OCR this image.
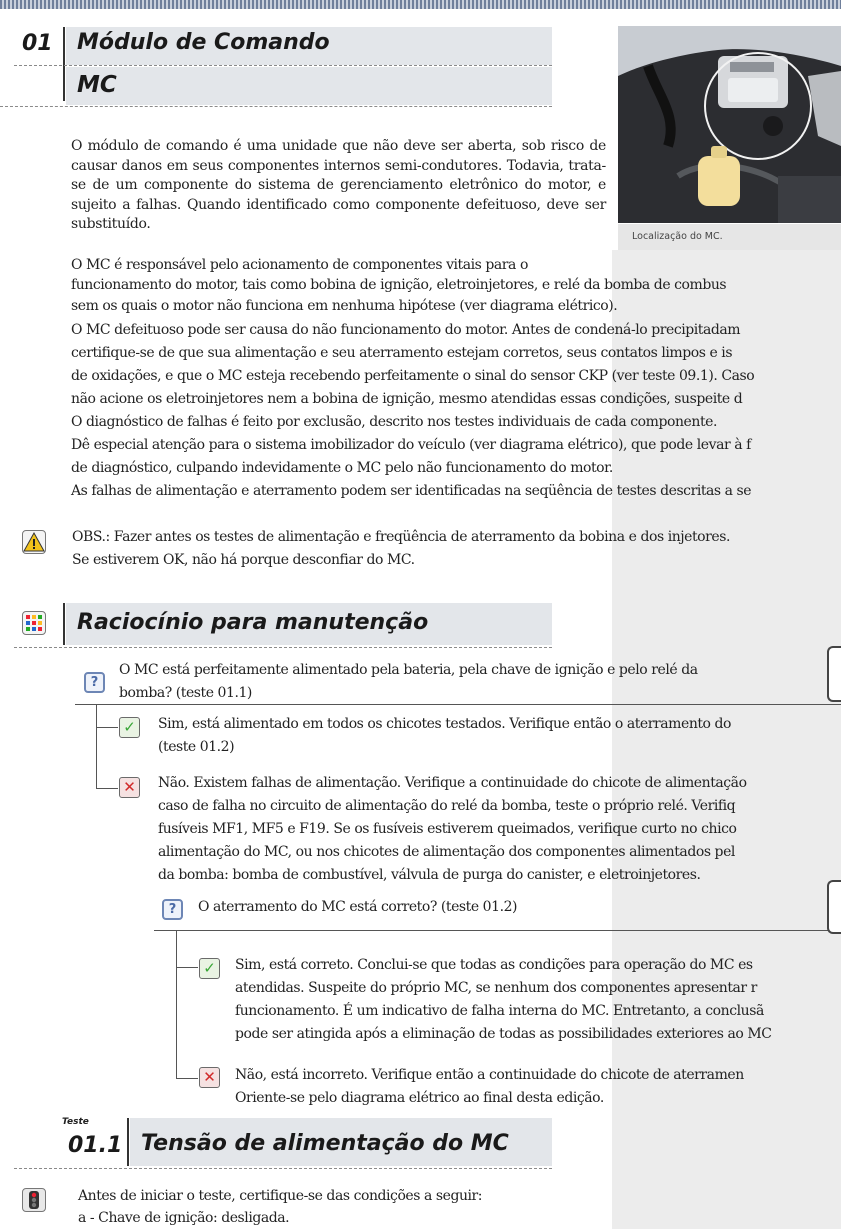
01 Módulo de Comando
MC
Localização do MC.
O módulo de comando é uma unidade que não deve ser aberta, sob risco de causar danos em seus componentes internos semi-condutores. Todavia, trata-se de um componente do sistema de gerenciamento eletrônico do motor, e sujeito a falhas. Quando identificado como componente defeituoso, deve ser substituído.
O MC é responsável pelo acionamento de componentes vitais para o
funcionamento do motor, tais como bobina de ignição, eletroinjetores, e relé da bomba de combus
sem os quais o motor não funciona em nenhuma hipótese (ver diagrama elétrico).
O MC defeituoso pode ser causa do não funcionamento do motor. Antes de condená-lo precipitadam
certifique-se de que sua alimentação e seu aterramento estejam corretos, seus contatos limpos e is
de oxidações, e que o MC esteja recebendo perfeitamente o sinal do sensor CKP (ver teste 09.1). Caso
não acione os eletroinjetores nem a bobina de ignição, mesmo atendidas essas condições, suspeite d
O diagnóstico de falhas é feito por exclusão, descrito nos testes individuais de cada componente.
Dê especial atenção para o sistema imobilizador do veículo (ver diagrama elétrico), que pode levar à f
de diagnóstico, culpando indevidamente o MC pelo não funcionamento do motor.
As falhas de alimentação e aterramento podem ser identificadas na seqüência de testes descritas a se
OBS.: Fazer antes os testes de alimentação e freqüência de aterramento da bobina e dos injetores.
Se estiverem OK, não há porque desconfiar do MC.
Raciocínio para manutenção
?
O MC está perfeitamente alimentado pela bateria, pela chave de ignição e pelo relé da
bomba? (teste 01.1)
✓	Sim, está alimentado em todos os chicotes testados. Verifique então o aterramento do
(teste 01.2)
✕	Não. Existem falhas de alimentação. Verifique a continuidade do chicote de alimentação
caso de falha no circuito de alimentação do relé da bomba, teste o próprio relé. Verifiq
fusíveis MF1, MF5 e F19. Se os fusíveis estiverem queimados, verifique curto no chico
alimentação do MC, ou nos chicotes de alimentação dos componentes alimentados pel
da bomba: bomba de combustível, válvula de purga do canister, e eletroinjetores.
?	O aterramento do MC está correto? (teste 01.2)
✓	Sim, está correto. Conclui-se que todas as condições para operação do MC es
atendidas. Suspeite do próprio MC, se nenhum dos componentes apresentar r
funcionamento. É um indicativo de falha interna do MC. Entretanto, a conclusã
pode ser atingida após a eliminação de todas as possibilidades exteriores ao MC
✕	Não, está incorreto. Verifique então a continuidade do chicote de aterramen
Oriente-se pelo diagrama elétrico ao final desta edição.
Teste
01.1 Tensão de alimentação do MC
Antes de iniciar o teste, certifique-se das condições a seguir:
a - Chave de ignição: desligada.
